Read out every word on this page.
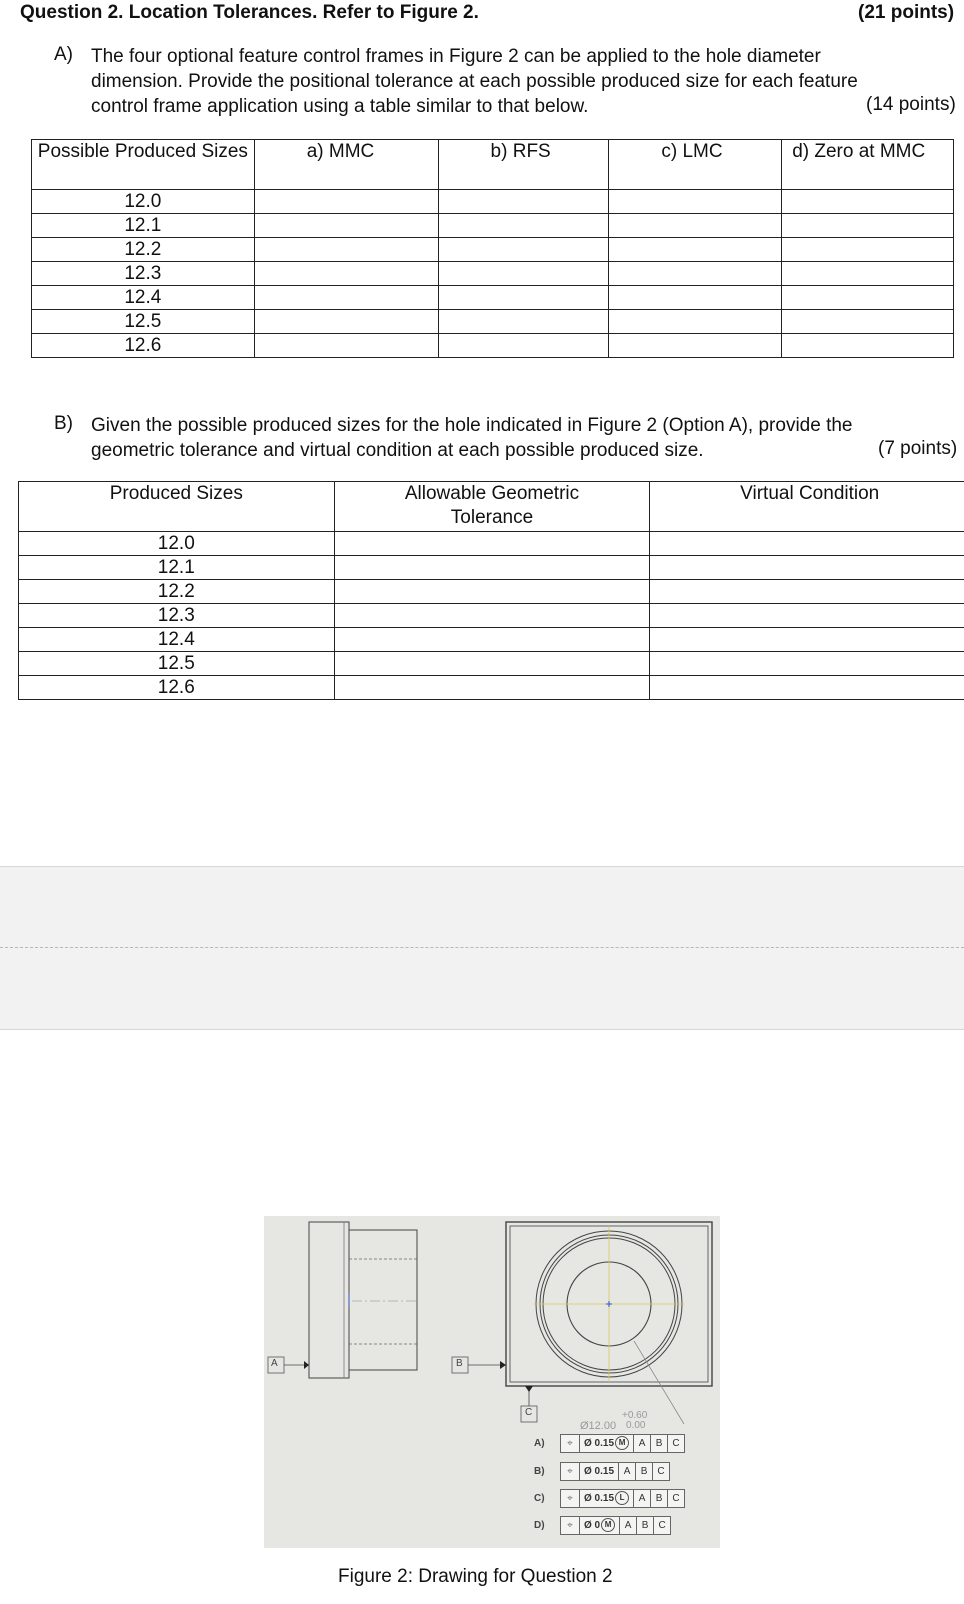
Question 2. Location Tolerances. Refer to Figure 2.	(21 points)
A) The four optional feature control frames in Figure 2 can be applied to the hole diameter
dimension. Provide the positional tolerance at each possible produced size for each feature
control frame application using a table similar to that below.	(14 points)
Possible Produced Sizes	a) MMC	b) RFS	c) LMC	d) Zero at MMC
12.0				
12.1				
12.2				
12.3				
12.4				
12.5				
12.6				
B) Given the possible produced sizes for the hole indicated in Figure 2 (Option A), provide the
geometric tolerance and virtual condition at each possible produced size.	(7 points)
Produced Sizes	Allowable Geometric Tolerance	Virtual Condition
12.0		
12.1		
12.2		
12.3		
12.4		
12.5		
12.6		
A	B
C	+0.60
Ø12.00 0.00
A)	⌖	Ø 0.15 M	A	B	C
B)	⌖	Ø 0.15 A	B	C
C)	⌖	Ø 0.15 L	A	B	C
D)	⌖	Ø 0 M	A	B	C
Figure 2: Drawing for Question 2
